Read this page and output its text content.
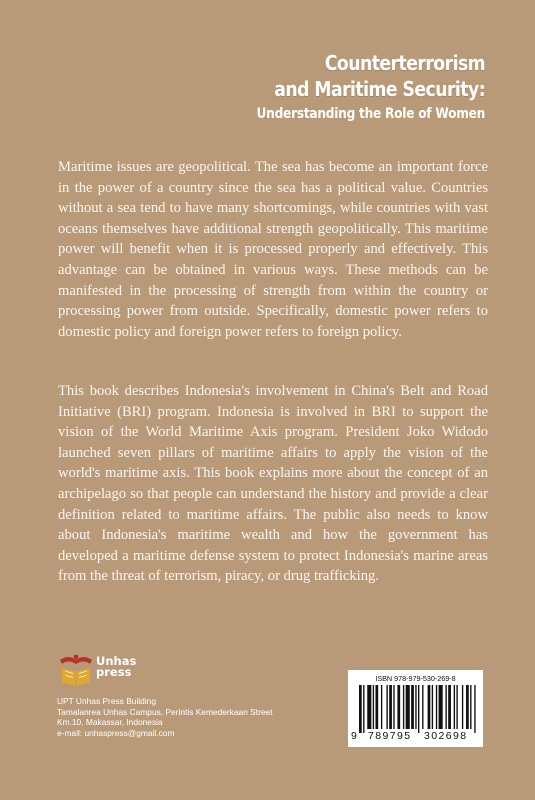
Counterterrorism
and Maritime Security:
Understanding the Role of Women

Maritime issues are geopolitical. The sea has become an important force in the power of a country since the sea has a political value. Countries without a sea tend to have many shortcomings, while countries with vast oceans themselves have additional strength geopolitically. This maritime power will benefit when it is processed properly and effectively. This advantage can be obtained in various ways. These methods can be manifested in the processing of strength from within the country or processing power from outside. Specifically, domestic power refers to domestic policy and foreign power refers to foreign policy.

This book describes Indonesia's involvement in China's Belt and Road Initiative (BRI) program. Indonesia is involved in BRI to support the vision of the World Maritime Axis program. President Joko Widodo launched seven pillars of maritime affairs to apply the vision of the world's maritime axis. This book explains more about the concept of an archipelago so that people can understand the history and provide a clear definition related to maritime affairs. The public also needs to know about Indonesia's maritime wealth and how the government has developed a maritime defense system to protect Indonesia's marine areas from the threat of terrorism, piracy, or drug trafficking.

Unhas
press
UPT Unhas Press Building
Tamalanrea Unhas Campus, Perintis Kemederkaan Street
Km.10, Makassar, Indonesia
e-mail: unhaspress@gmail.com
ISBN 978-979-530-269-8
9 789795 302698
